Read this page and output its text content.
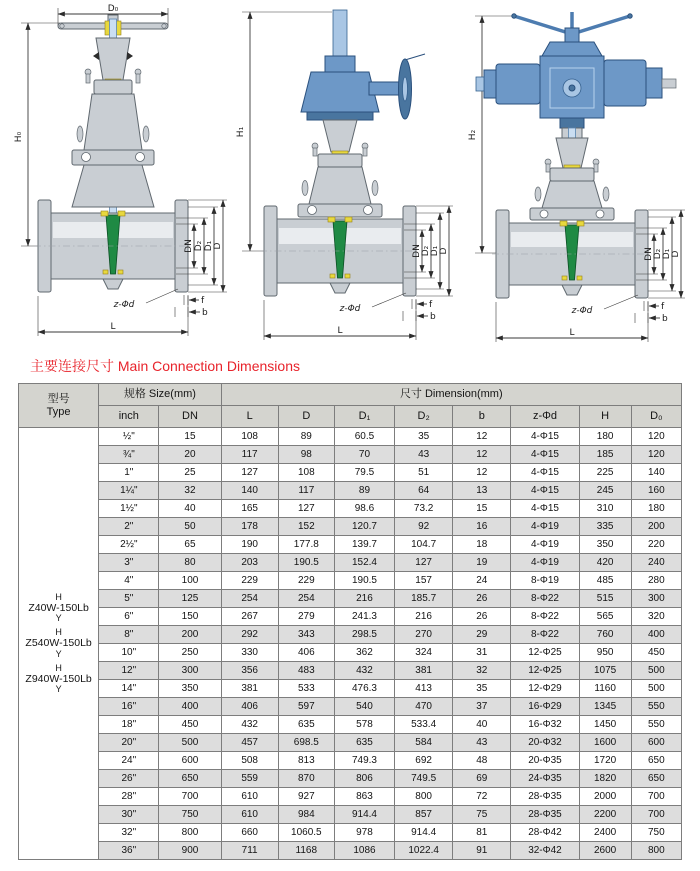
D₀
H₀
DN D₂ D₁ D
z-Φd	f
b
L
H₁
DN D₂ D₁ D
z-Φd	f
b
L
H₂
DN D₂ D₁ D
z-Φd	f
b
L
主要连接尺寸 Main Connection Dimensions
型号
Type	规格 Size(mm)		尺寸 Dimension(mm)							
	inch	DN	L	D	D₁	D₂	b	z-Φd	H	D₀

H
Z40W-150Lb
Y
H
Z540W-150Lb
Y
H
Z940W-150Lb
Y
	½"	15	108	89	60.5	35	12	4-Φ15	180	120
	¾"	20	117	98	70	43	12	4-Φ15	185	120
	1"	25	127	108	79.5	51	12	4-Φ15	225	140
	1¼"	32	140	117	89	64	13	4-Φ15	245	160
	1½"	40	165	127	98.6	73.2	15	4-Φ15	310	180
	2"	50	178	152	120.7	92	16	4-Φ19	335	200
	2½"	65	190	177.8	139.7	104.7	18	4-Φ19	350	220
	3"	80	203	190.5	152.4	127	19	4-Φ19	420	240
	4"	100	229	229	190.5	157	24	8-Φ19	485	280
	5"	125	254	254	216	185.7	26	8-Φ22	515	300
	6"	150	267	279	241.3	216	26	8-Φ22	565	320
	8"	200	292	343	298.5	270	29	8-Φ22	760	400
	10"	250	330	406	362	324	31	12-Φ25	950	450
	12"	300	356	483	432	381	32	12-Φ25	1075	500
	14"	350	381	533	476.3	413	35	12-Φ29	1160	500
	16"	400	406	597	540	470	37	16-Φ29	1345	550
	18"	450	432	635	578	533.4	40	16-Φ32	1450	550
	20"	500	457	698.5	635	584	43	20-Φ32	1600	600
	24"	600	508	813	749.3	692	48	20-Φ35	1720	650
	26"	650	559	870	806	749.5	69	24-Φ35	1820	650
	28"	700	610	927	863	800	72	28-Φ35	2000	700
	30"	750	610	984	914.4	857	75	28-Φ35	2200	700
	32"	800	660	1060.5	978	914.4	81	28-Φ42	2400	750
	36"	900	711	1168	1086	1022.4	91	32-Φ42	2600	800
